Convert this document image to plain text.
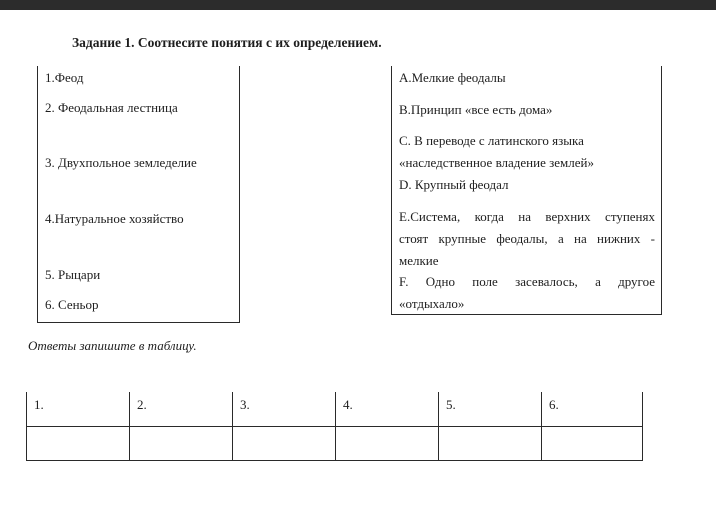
Задание 1. Соотнесите понятия с их определением.
1.Феод
2. Феодальная лестница
3. Двухпольное земледелие
4.Натуральное хозяйство
5. Рыцари
6. Сеньор
А.Мелкие феодалы
В.Принцип «все есть дома»
С. В переводе с латинского языка
«наследственное владение землей»
D. Крупный феодал
Е.Система, когда на верхних ступенях
стоят крупные феодалы, а на нижних -
мелкие
F. Одно поле засевалось, а другое
«отдыхало»
Ответы запишите в таблицу.
1.	2.	3.	4.	5.	6.
